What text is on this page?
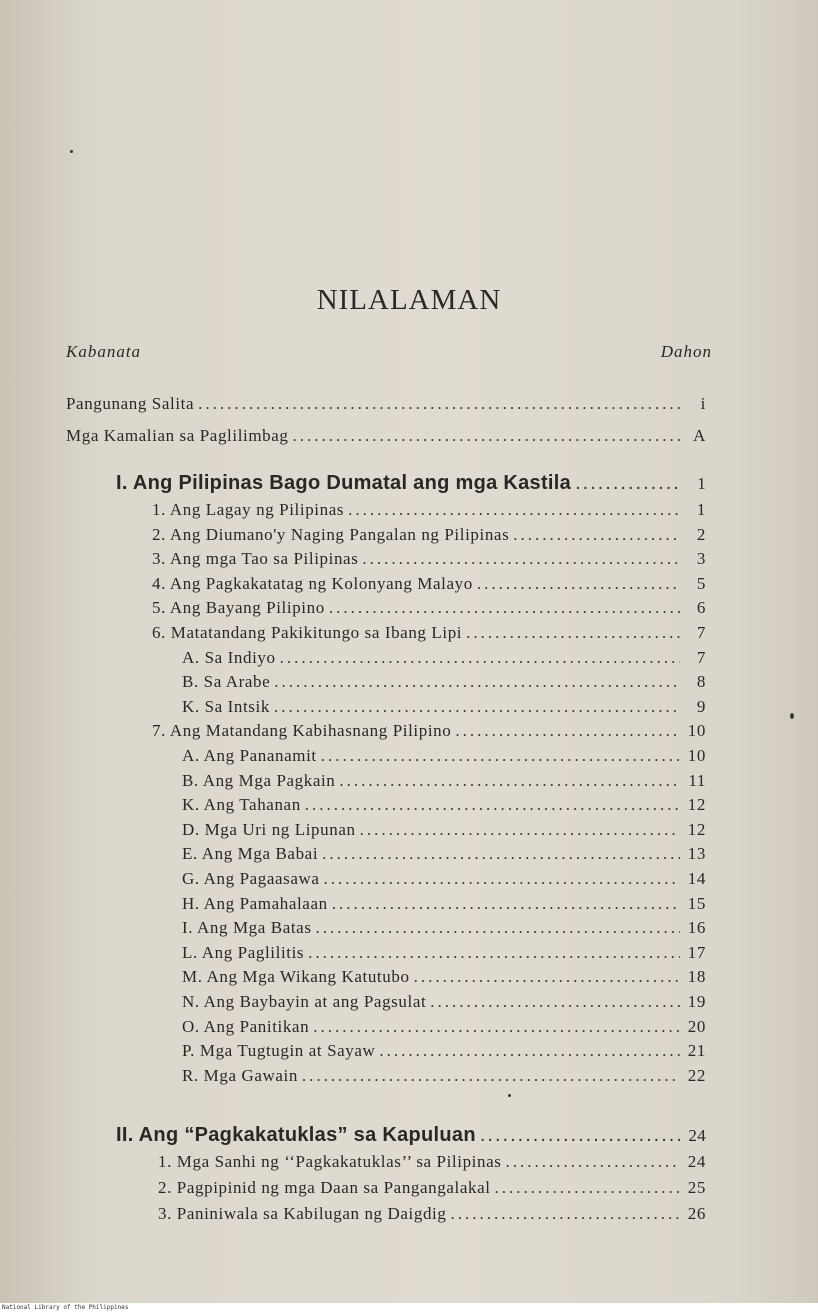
NILALAMAN
Kabanata	Dahon
Pangunang Salita .....	i
Mga Kamalian sa Paglilimbag .....	A
I. Ang Pilipinas Bago Dumatal ang mga Kastila .....	1
1. Ang Lagay ng Pilipinas .....	1
2. Ang Diumano'y Naging Pangalan ng Pilipinas .....	2
3. Ang mga Tao sa Pilipinas .....	3
4. Ang Pagkakatatag ng Kolonyang Malayo .....	5
5. Ang Bayang Pilipino .....	6
6. Matatandang Pakikitungo sa Ibang Lipi .....	7
A. Sa Indiyo .....	7
B. Sa Arabe .....	8
K. Sa Intsik .....	9
7. Ang Matandang Kabihasnang Pilipino .....	10
A. Ang Pananamit .....	10
B. Ang Mga Pagkain .....	11
K. Ang Tahanan .....	12
D. Mga Uri ng Lipunan .....	12
E. Ang Mga Babai .....	13
G. Ang Pagaasawa .....	14
H. Ang Pamahalaan .....	15
I. Ang Mga Batas .....	16
L. Ang Paglilitis .....	17
M. Ang Mga Wikang Katutubo .....	18
N. Ang Baybayin at ang Pagsulat .....	19
O. Ang Panitikan .....	20
P. Mga Tugtugin at Sayaw .....	21
R. Mga Gawain .....	22
II. Ang “Pagkakatuklas” sa Kapuluan .....	24
1. Mga Sanhi ng ‘‘Pagkakatuklas’’ sa Pilipinas .....	24
2. Pagpipinid ng mga Daan sa Pangangalakal .....	25
3. Paniniwala sa Kabilugan ng Daigdig .....	26
National Library of the Philippines
